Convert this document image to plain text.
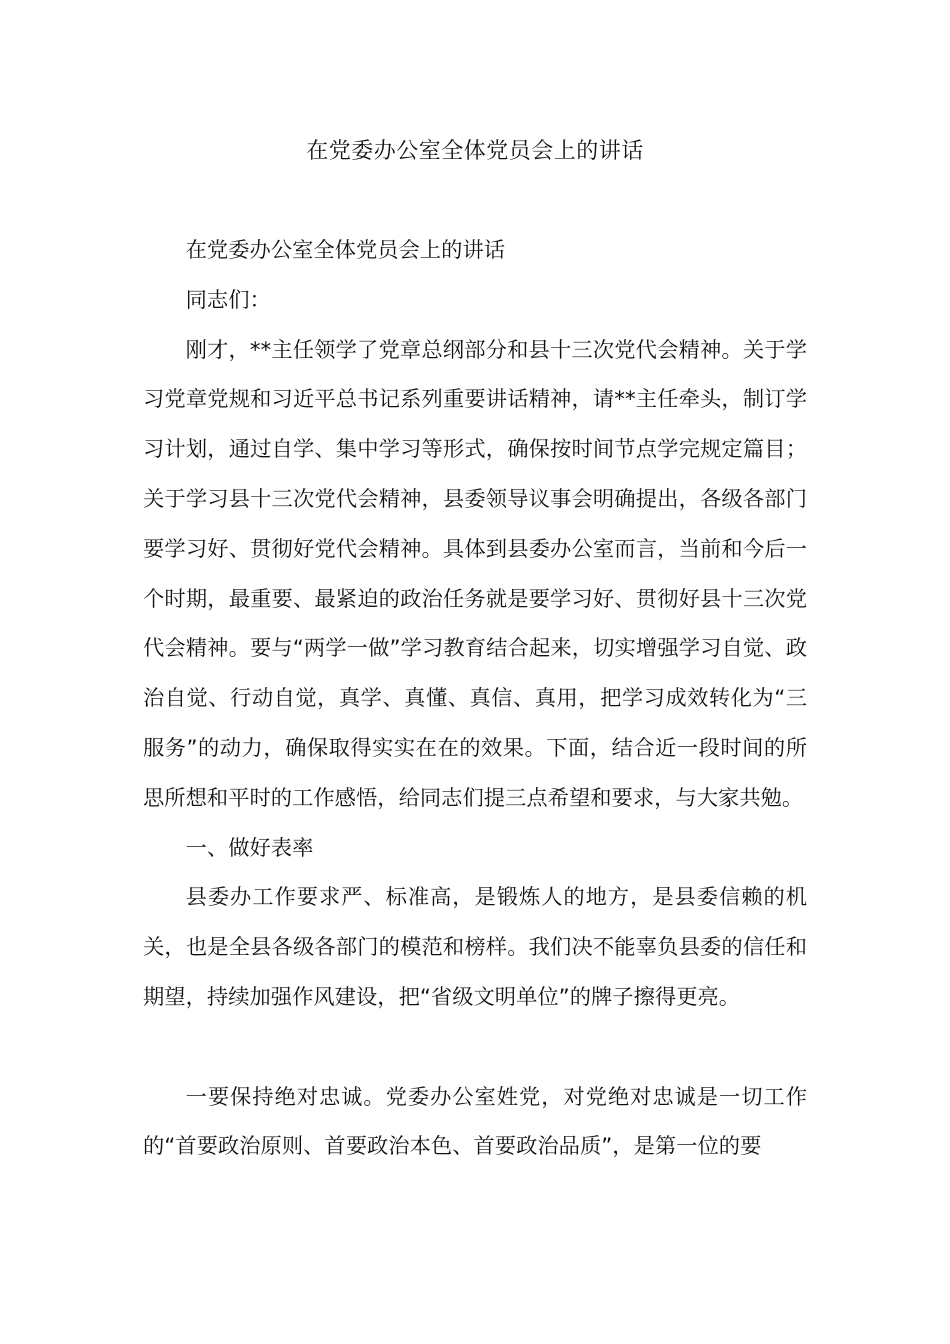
在党委办公室全体党员会上的讲话

在党委办公室全体党员会上的讲话

同志们：

刚才，**主任领学了党章总纲部分和县十三次党代会精神。关于学习党章党规和习近平总书记系列重要讲话精神，请**主任牵头，制订学习计划，通过自学、集中学习等形式，确保按时间节点学完规定篇目；关于学习县十三次党代会精神，县委领导议事会明确提出，各级各部门要学习好、贯彻好党代会精神。具体到县委办公室而言，当前和今后一个时期，最重要、最紧迫的政治任务就是要学习好、贯彻好县十三次党代会精神。要与“两学一做”学习教育结合起来，切实增强学习自觉、政治自觉、行动自觉，真学、真懂、真信、真用，把学习成效转化为“三服务”的动力，确保取得实实在在的效果。下面，结合近一段时间的所思所想和平时的工作感悟，给同志们提三点希望和要求，与大家共勉。

一、做好表率

县委办工作要求严、标准高，是锻炼人的地方，是县委信赖的机关，也是全县各级各部门的模范和榜样。我们决不能辜负县委的信任和期望，持续加强作风建设，把“省级文明单位”的牌子擦得更亮。

一要保持绝对忠诚。党委办公室姓党，对党绝对忠诚是一切工作的“首要政治原则、首要政治本色、首要政治品质”，是第一位的要
